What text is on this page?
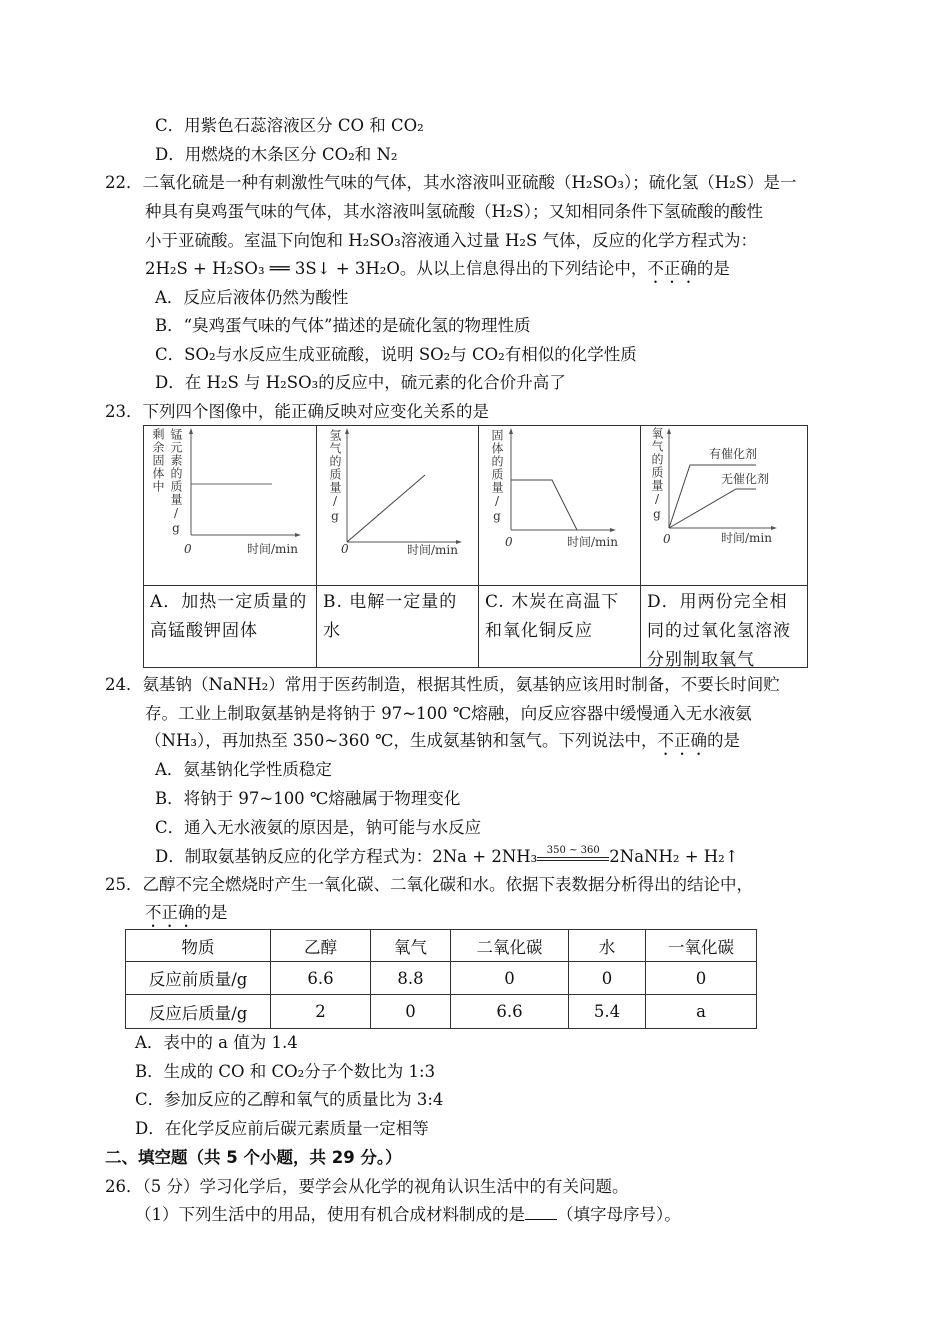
C．用紫色石蕊溶液区分 CO 和 CO₂
D．用燃烧的木条区分 CO₂和 N₂
22．二氧化硫是一种有刺激性气味的气体，其水溶液叫亚硫酸（H₂SO₃）；硫化氢（H₂S）是一
种具有臭鸡蛋气味的气体，其水溶液叫氢硫酸（H₂S）；又知相同条件下氢硫酸的酸性
小于亚硫酸。室温下向饱和 H₂SO₃溶液通入过量 H₂S 气体，反应的化学方程式为：
2H₂S + H₂SO₃ ══ 3S↓ + 3H₂O。从以上信息得出的下列结论中，不正确的是
A．反应后液体仍然为酸性
B．“臭鸡蛋气味的气体”描述的是硫化氢的物理性质
C．SO₂与水反应生成亚硫酸，说明 SO₂与 CO₂有相似的化学性质
D．在 H₂S 与 H₂SO₃的反应中，硫元素的化合价升高了
23．下列四个图像中，能正确反映对应变化关系的是
0	时间/min
剩余固体中 锰元素的质量/g
0	时间/min
氢气的质量/g
0	时间/min
固体的质量/g	有催化剂
无催化剂
0	时间/min
氧气的质量/g
A．加热一定质量的高锰酸钾固体
B. 电解一定量的水
C. 木炭在高温下和氧化铜反应
D．用两份完全相同的过氧化氢溶液分别制取氧气
24．氨基钠（NaNH₂）常用于医药制造，根据其性质，氨基钠应该用时制备，不要长时间贮
存。工业上制取氨基钠是将钠于 97~100 ℃熔融，向反应容器中缓慢通入无水液氨
（NH₃），再加热至 350~360 ℃，生成氨基钠和氢气。下列说法中，不正确的是
A．氨基钠化学性质稳定
B．将钠于 97~100 ℃熔融属于物理变化
C．通入无水液氨的原因是，钠可能与水反应
D．制取氨基钠反应的化学方程式为：2Na + 2NH₃ 350 ~ 360 2NaNH₂ + H₂↑
25．乙醇不完全燃烧时产生一氧化碳、二氧化碳和水。依据下表数据分析得出的结论中，
不正确的是
物质	乙醇	氧气	二氧化碳	水	一氧化碳
反应前质量/g	6.6	8.8	0	0	0
反应后质量/g	2	0	6.6	5.4	a
A．表中的 a 值为 1.4
B．生成的 CO 和 CO₂分子个数比为 1:3
C．参加反应的乙醇和氧气的质量比为 3:4
D．在化学反应前后碳元素质量一定相等
二、填空题（共 5 个小题，共 29 分。）
26．（5 分）学习化学后，要学会从化学的视角认识生活中的有关问题。
（1）下列生活中的用品，使用有机合成材料制成的是 （填字母序号）。
